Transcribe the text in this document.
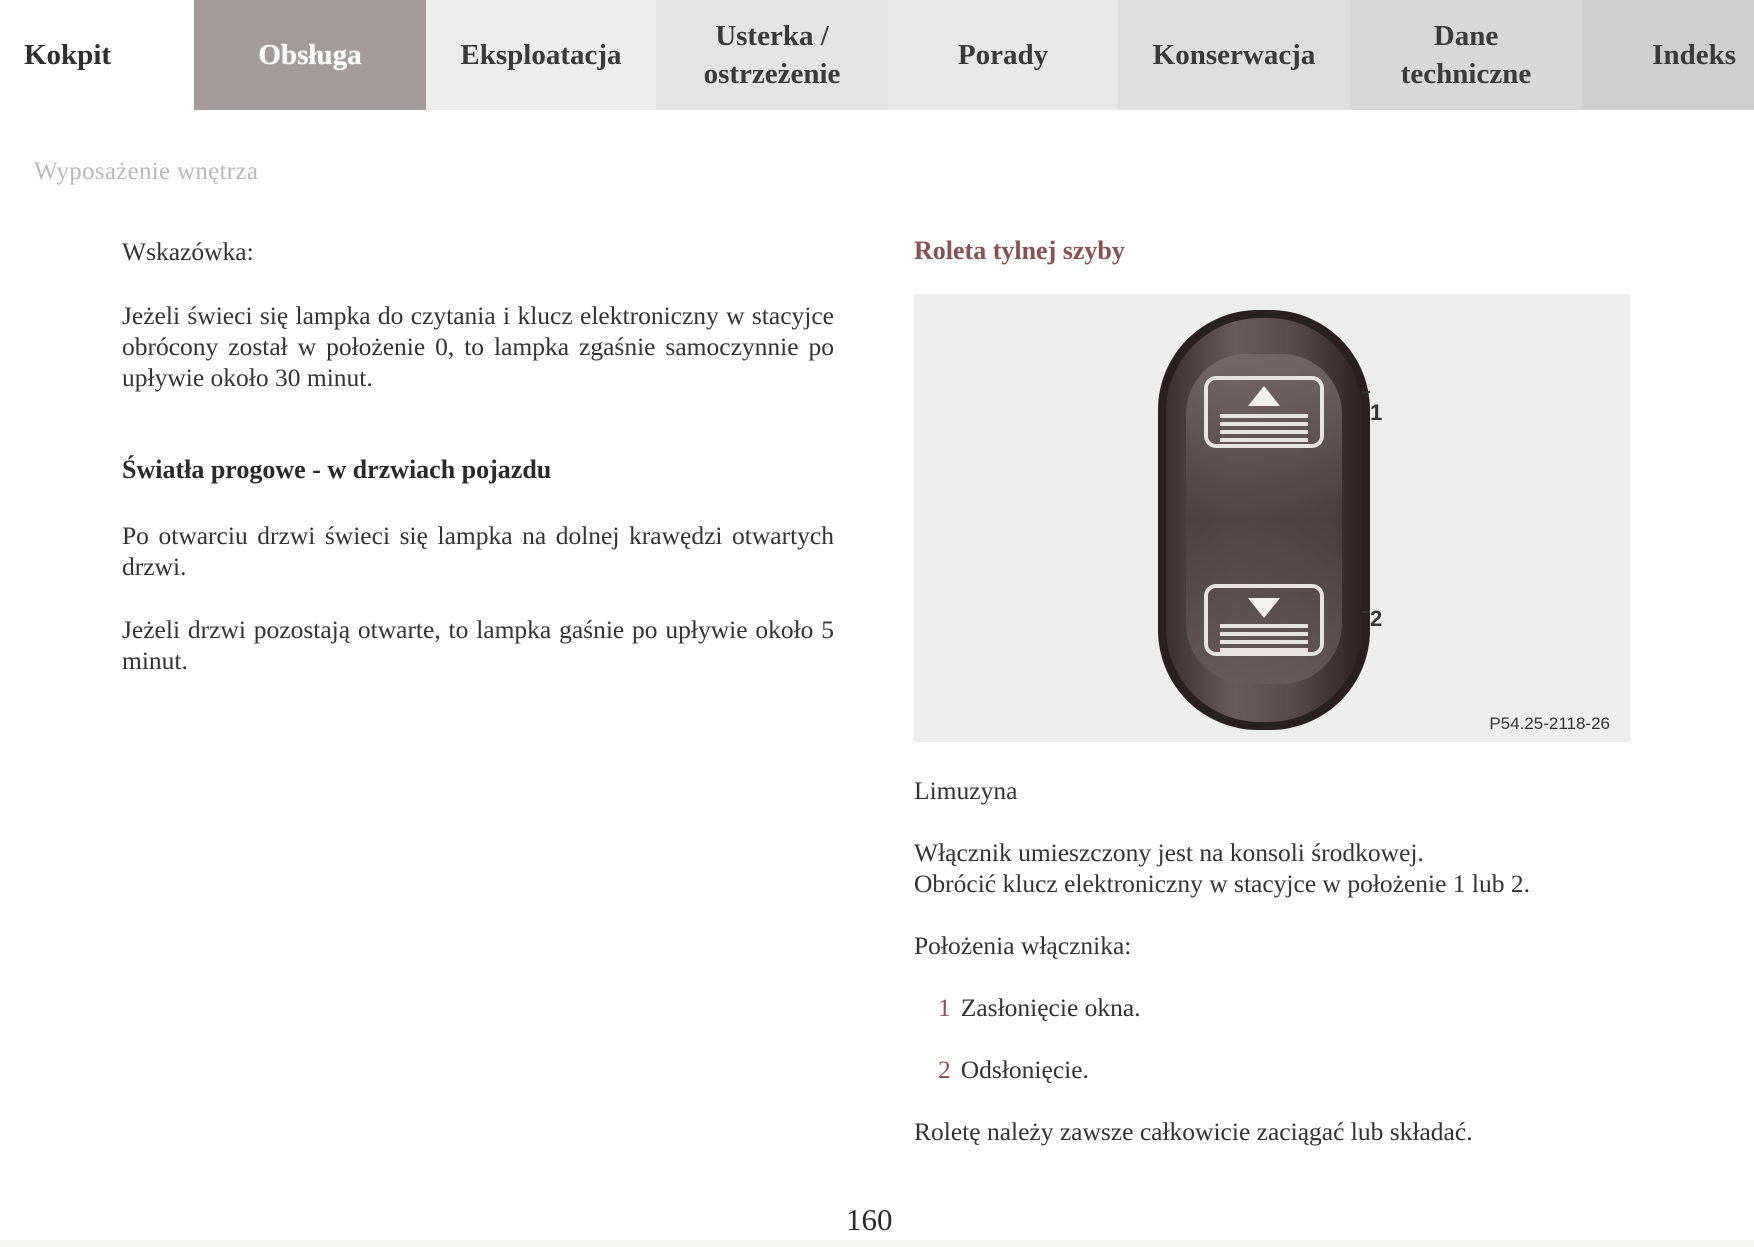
Kokpit	Obsługa	Eksploatacja
Usterka /
ostrzeżenie
Porady	Konserwacja
Dane
techniczne
Indeks
Wyposażenie wnętrza
Wskazówka:

Jeżeli świeci się lampka do czytania i klucz elektroniczny w stacyjce obrócony został w położenie 0, to lampka zgaśnie samoczynnie po upływie około 30 minut.

Światła progowe - w drzwiach pojazdu

Po otwarciu drzwi świeci się lampka na dolnej krawędzi otwartych drzwi.

Jeżeli drzwi pozostają otwarte, to lampka gaśnie po upływie około 5 minut.

Roleta tylnej szyby
1
2
P54.25-2118-26
Limuzyna
Włącznik umieszczony jest na konsoli środkowej.
Obrócić klucz elektroniczny w stacyjce w położenie 1 lub 2.
Położenia włącznika:
1 Zasłonięcie okna.
2 Odsłonięcie.
Roletę należy zawsze całkowicie zaciągać lub składać.
160
